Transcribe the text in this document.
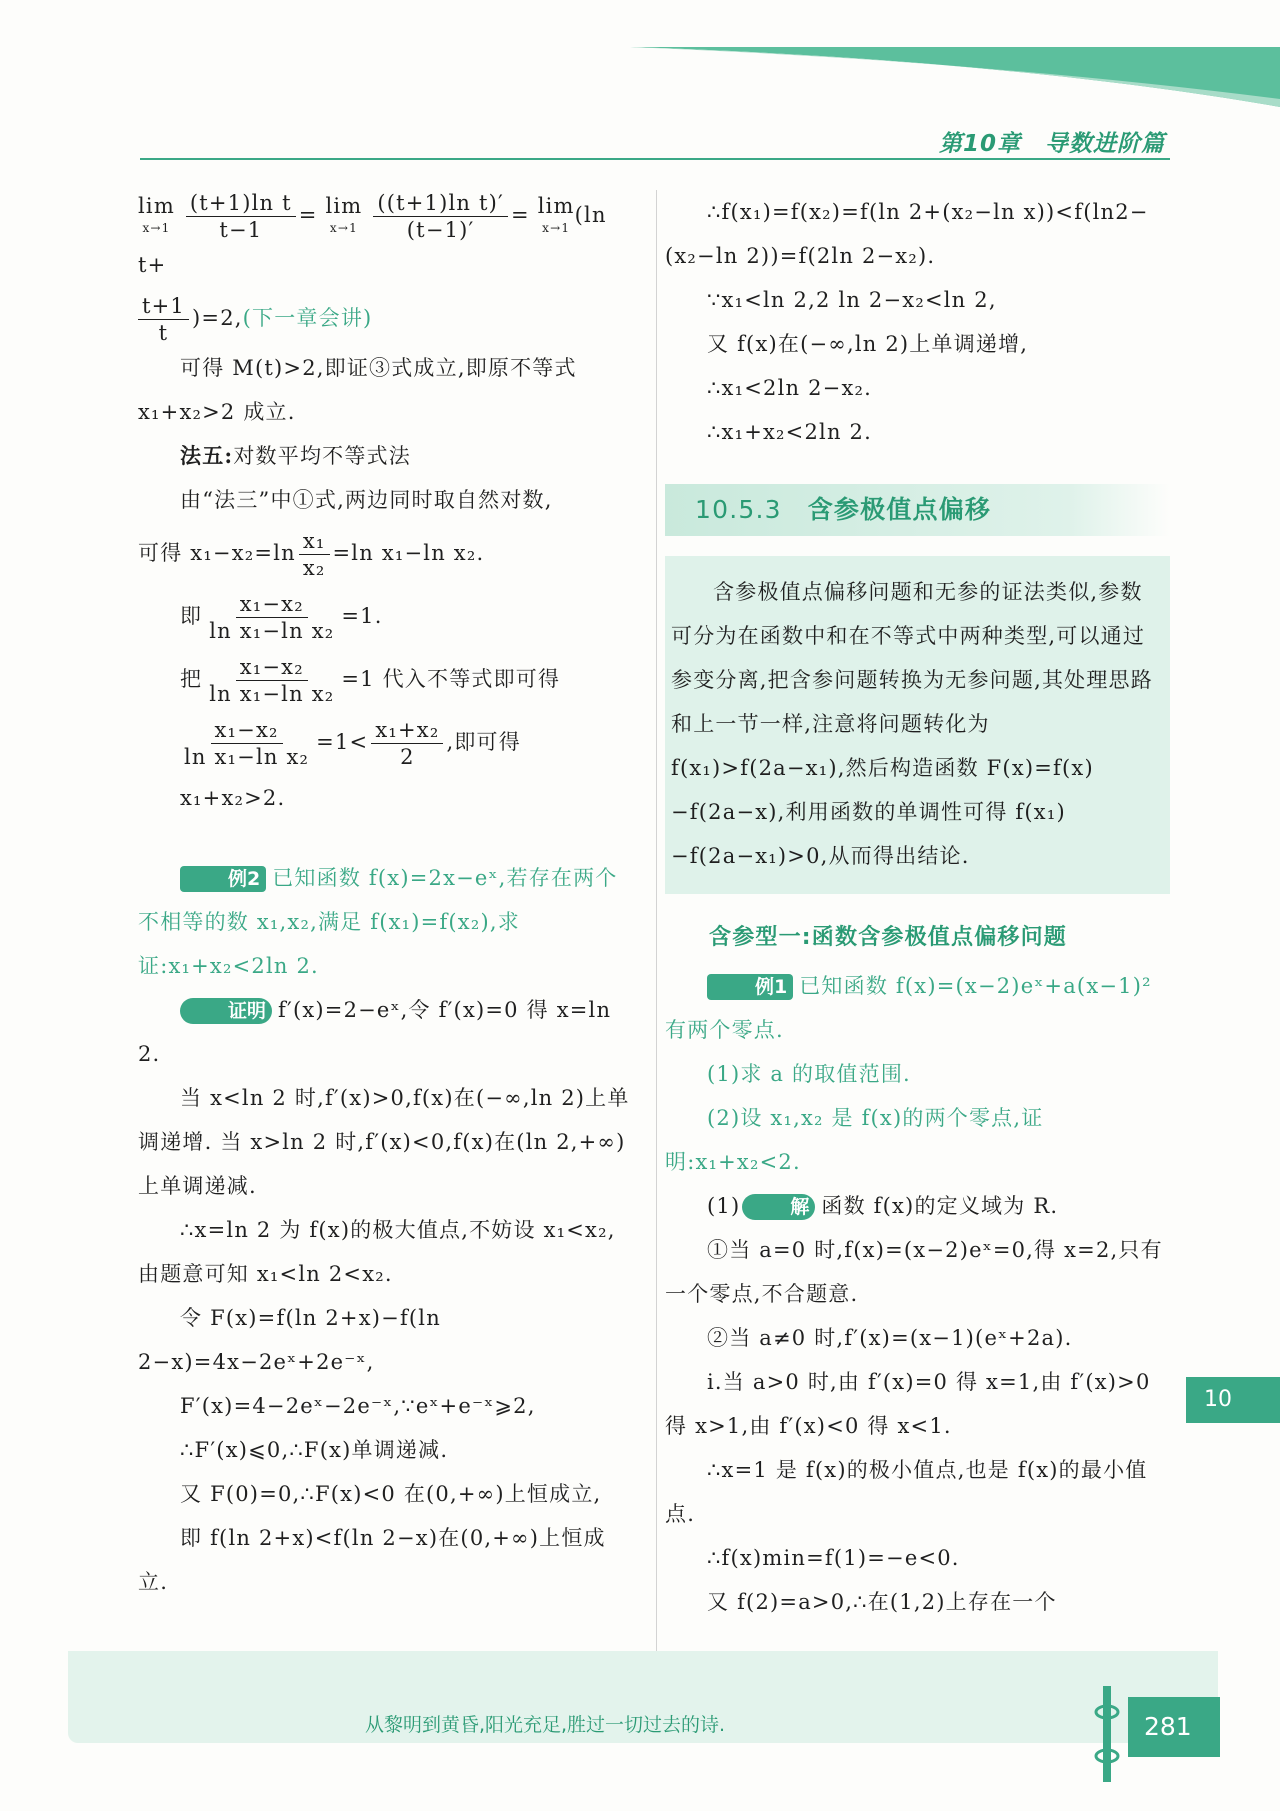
第10章　导数进阶篇
lim
x→1
$\frac{\text{(t+1)ln t}}{t-1} = \lim$
x→1
$\frac{\text{((t+1)ln t)′}}{(t-1)'} = \lim$
x→1
(ln t+
$\frac{t+1}{t} )=2$,(下一章会讲)

可得 M(t)>2,即证③式成立,即原不等式 x₁+x₂>2 成立.

法五:对数平均不等式法

由“法三”中①式,两边同时取自然对数,

可得 $x_1-x_2=\ln \frac{\text{x₁}}{\text{x₂}} =\ln$ x₁−ln x₂.
即 $\frac{\text{x₁−x₂}}{\text{ln x₁−ln x₂}} =1$.
把 $\frac{\text{x₁−x₂}}{\text{ln x₁−ln x₂}} =1$ 代入不等式即可得
$\frac{\text{x₁−x₂}}{\text{ln x₁−ln x₂}} =1< \frac{\text{x₁+x₂}}{2}$ ,即可得

x₁+x₂>2.

例2 已知函数 f(x)=2x−eˣ,若存在两个不相等的数 x₁,x₂,满足 f(x₁)=f(x₂),求证:x₁+x₂<2ln 2.

证明 f′(x)=2−eˣ,令 f′(x)=0 得 x=ln 2.

当 x<ln 2 时,f′(x)>0,f(x)在(−∞,ln 2)上单调递增. 当 x>ln 2 时,f′(x)<0,f(x)在(ln 2,+∞)上单调递减.

∴x=ln 2 为 f(x)的极大值点,不妨设 x₁<x₂,由题意可知 x₁<ln 2<x₂.

令 F(x)=f(ln 2+x)−f(ln 2−x)=4x−2eˣ+2e⁻ˣ,

F′(x)=4−2eˣ−2e⁻ˣ,∵eˣ+e⁻ˣ⩾2,

∴F′(x)⩽0,∴F(x)单调递减.

又 F(0)=0,∴F(x)<0 在(0,+∞)上恒成立,

即 f(ln 2+x)<f(ln 2−x)在(0,+∞)上恒成立.

∴f(x₁)=f(x₂)=f(ln 2+(x₂−ln x))<f(ln2−(x₂−ln 2))=f(2ln 2−x₂).

∵x₁<ln 2,2 ln 2−x₂<ln 2,

又 f(x)在(−∞,ln 2)上单调递增,

∴x₁<2ln 2−x₂.

∴x₁+x₂<2ln 2.

10.5.3 含参极值点偏移

含参极值点偏移问题和无参的证法类似,参数可分为在函数中和在不等式中两种类型,可以通过参变分离,把含参问题转换为无参问题,其处理思路和上一节一样,注意将问题转化为 f(x₁)>f(2a−x₁),然后构造函数 F(x)=f(x)−f(2a−x),利用函数的单调性可得 f(x₁)−f(2a−x₁)>0,从而得出结论.

含参型一:函数含参极值点偏移问题

例1 已知函数 f(x)=(x−2)eˣ+a(x−1)²有两个零点.

(1)求 a 的取值范围.

(2)设 x₁,x₂ 是 f(x)的两个零点,证明:x₁+x₂<2.

(1)	解 函数 f(x)的定义域为 R.

①当 a=0 时,f(x)=(x−2)eˣ=0,得 x=2,只有一个零点,不合题意.

②当 a≠0 时,f′(x)=(x−1)(eˣ+2a).

ⅰ.当 a>0 时,由 f′(x)=0 得 x=1,由 f′(x)>0 得 x>1,由 f′(x)<0 得 x<1.

∴x=1 是 f(x)的极小值点,也是 f(x)的最小值点.

∴f(x)min=f(1)=−e<0.

又 f(2)=a>0,∴在(1,2)上存在一个

10
从黎明到黄昏,阳光充足,胜过一切过去的诗.	281
